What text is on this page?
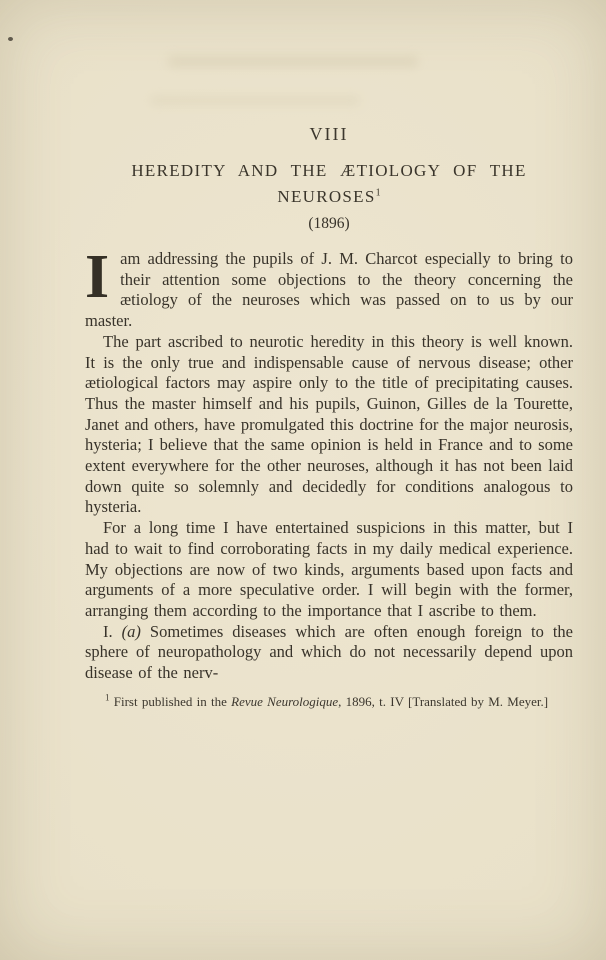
VIII
HEREDITY AND THE ÆTIOLOGY OF THE
NEUROSES$^1$
(1896)

Iam addressing the pupils of J. M. Charcot especially to bring to their attention some objections to the theory concerning the ætiology of the neuroses which was passed on to us by our master.

The part ascribed to neurotic heredity in this theory is well known. It is the only true and indispensable cause of nervous disease; other ætiological factors may aspire only to the title of precipitating causes. Thus the master himself and his pupils, Guinon, Gilles de la Tourette, Janet and others, have promulgated this doctrine for the major neurosis, hysteria; I believe that the same opinion is held in France and to some extent everywhere for the other neuroses, although it has not been laid down quite so solemnly and decidedly for conditions analogous to hysteria.

For a long time I have entertained suspicions in this matter, but I had to wait to find corroborating facts in my daily medical experience. My objections are now of two kinds, arguments based upon facts and arguments of a more speculative order. I will begin with the former, arranging them according to the importance that I ascribe to them.

I. (a) Sometimes diseases which are often enough foreign to the sphere of neuropathology and which do not necessarily depend upon disease of the nerv-

$^1$ First published in the Revue Neurologique, 1896, t. IV [Translated by M. Meyer.]
